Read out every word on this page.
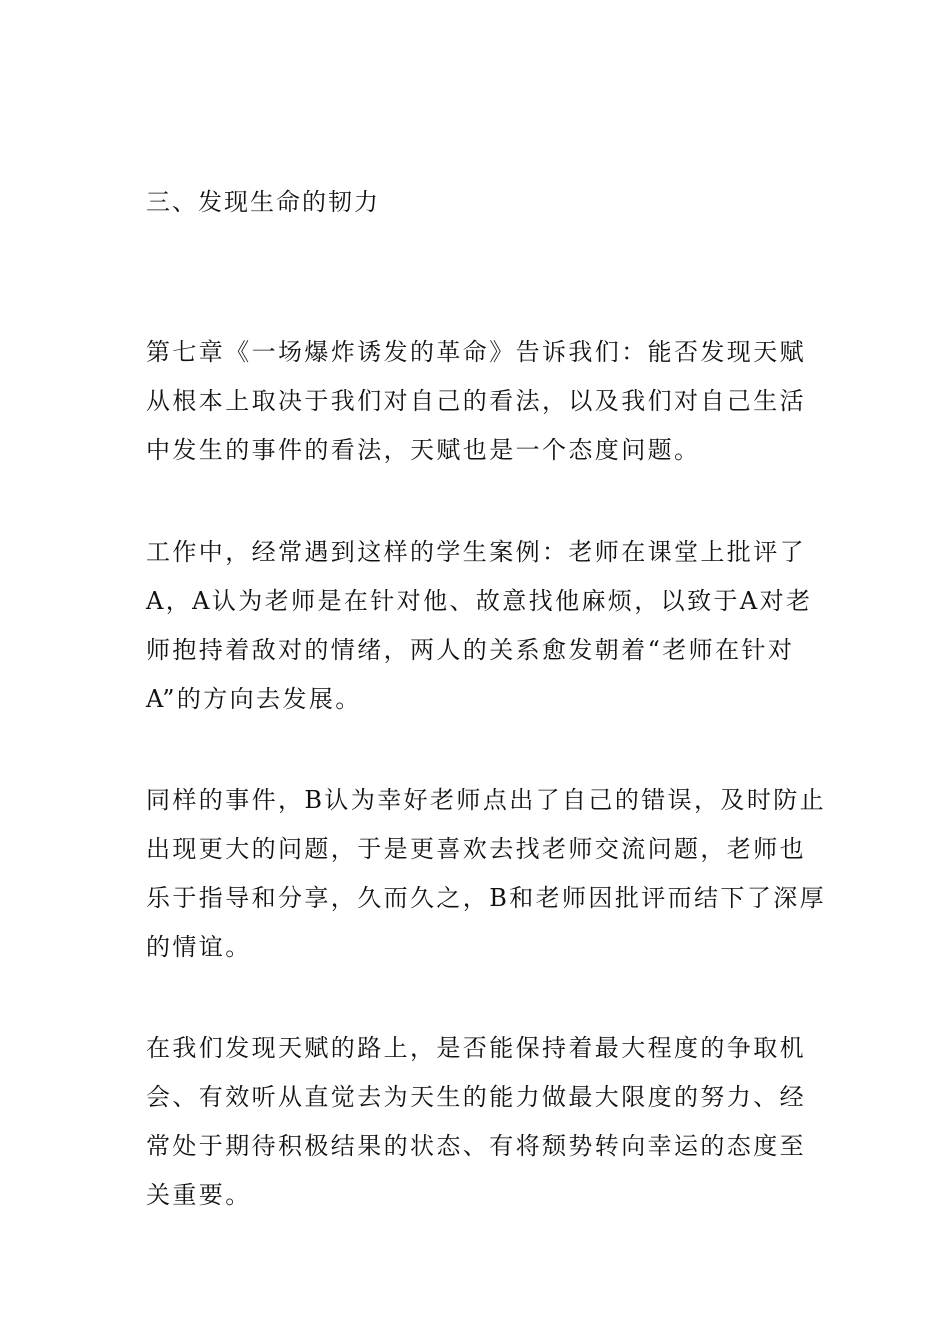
三、发现生命的韧力

第七章《一场爆炸诱发的革命》告诉我们：能否发现天赋
从根本上取决于我们对自己的看法，以及我们对自己生活
中发生的事件的看法，天赋也是一个态度问题。

工作中，经常遇到这样的学生案例：老师在课堂上批评了
A，A认为老师是在针对他、故意找他麻烦，以致于A对老
师抱持着敌对的情绪，两人的关系愈发朝着“老师在针对
A”的方向去发展。

同样的事件，B认为幸好老师点出了自己的错误，及时防止
出现更大的问题，于是更喜欢去找老师交流问题，老师也
乐于指导和分享，久而久之，B和老师因批评而结下了深厚
的情谊。

在我们发现天赋的路上，是否能保持着最大程度的争取机
会、有效听从直觉去为天生的能力做最大限度的努力、经
常处于期待积极结果的状态、有将颓势转向幸运的态度至
关重要。
